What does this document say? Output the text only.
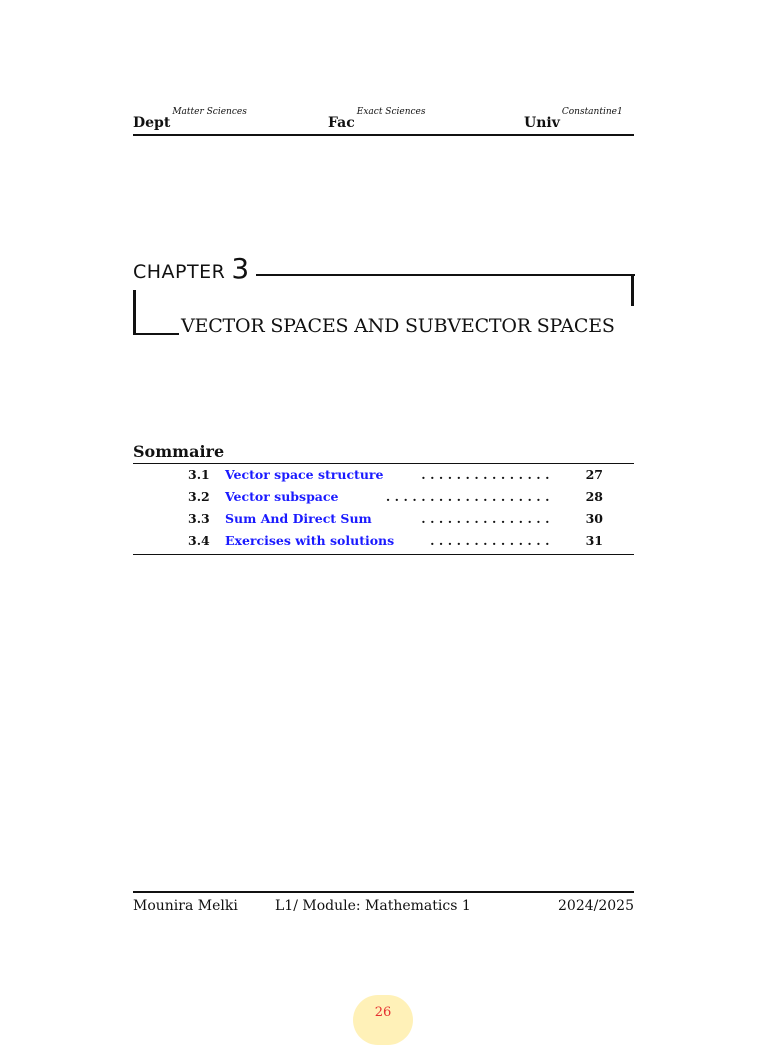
Dept$^{Matter Sciences}$
Fac$^{Exact Sciences}$
Univ$^{Constantine1}$
CHAPTER 3
VECTOR SPACES AND SUBVECTOR SPACES
Sommaire
3.1 Vector space structure	...............	27
3.2 Vector subspace	...................	28
3.3 Sum And Direct Sum	...............	30
3.4 Exercises with solutions	..............	31
Mounira Melki	L1/ Module: Mathematics 1	2024/2025
26
